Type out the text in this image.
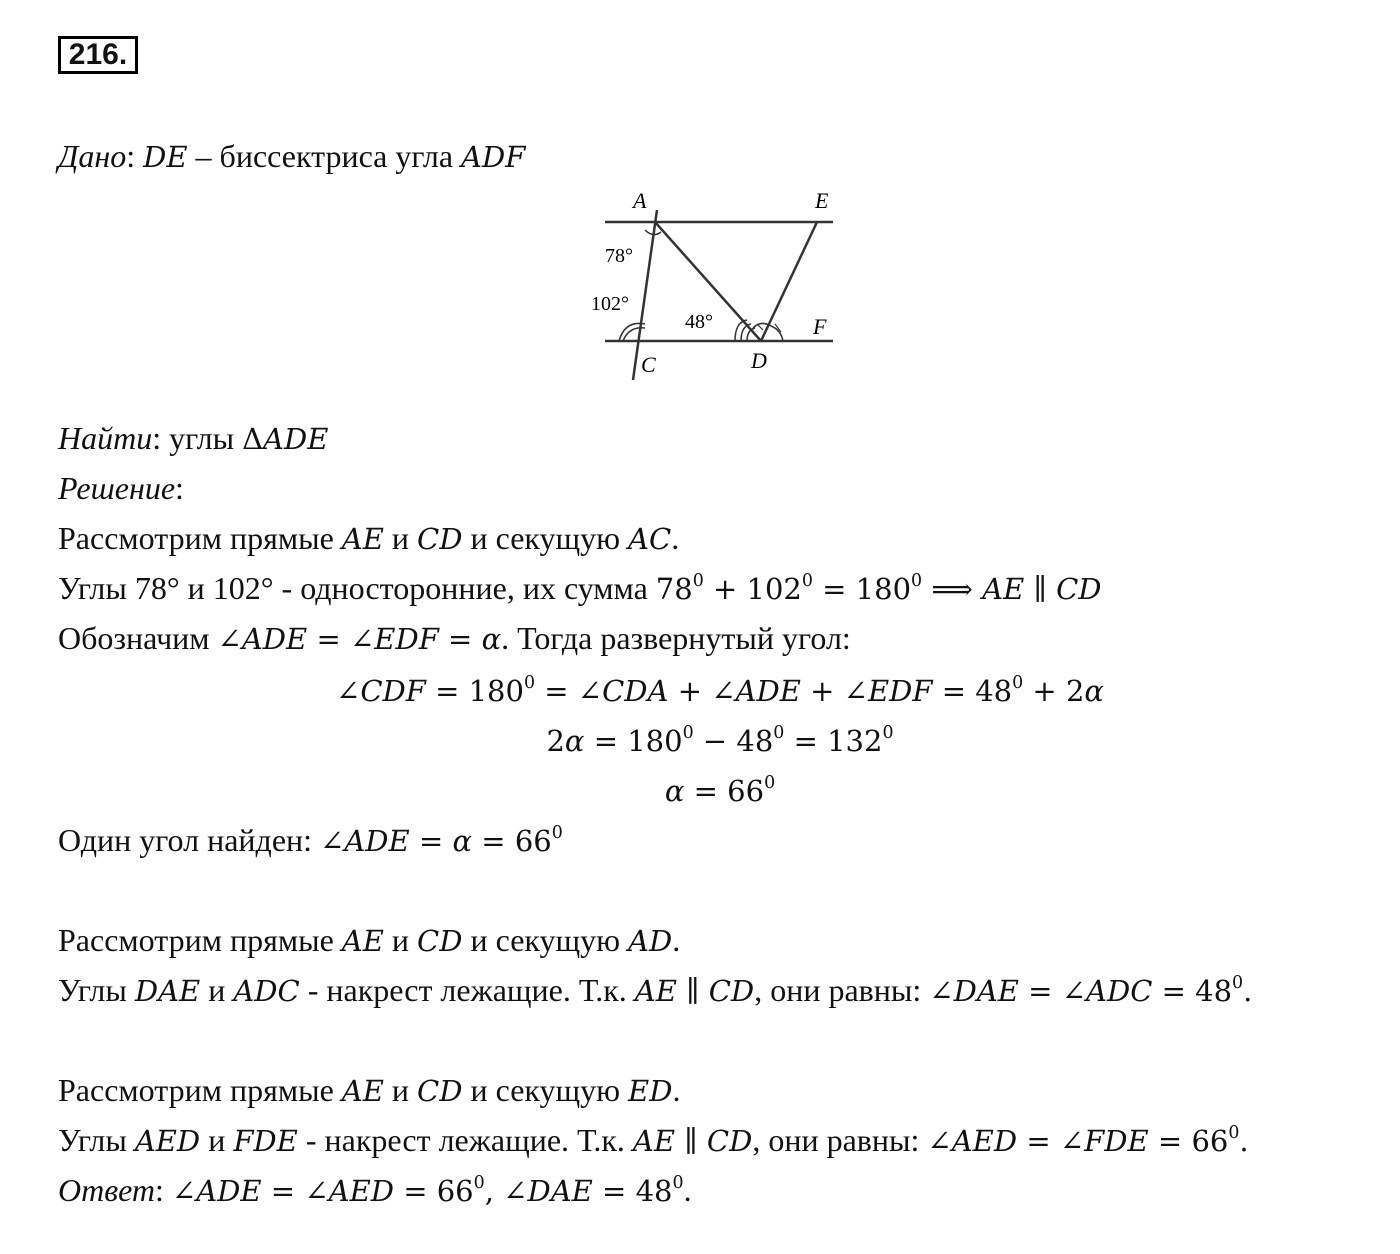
216.
Дано: DE – биссектриса угла ADF
A	E
C	D
F
78°
102°
48°
Найти: углы ΔADE
Решение:
Рассмотрим прямые AE и CD и секущую AC.
Углы 78° и 102° - односторонние, их сумма $78^0 + 102^0 = 180^0$ ⟹ AE ∥ CD
Обозначим ∠ADE = ∠EDF = α. Тогда развернутый угол:
∠CDF = $180^0$ = ∠CDA + ∠ADE + ∠EDF = $48^0 + 2\alpha$
$2\alpha = 180^0 - 48^0 = 132^0$
$\alpha = 66^0$
Один угол найден: ∠ADE = $\alpha = 66^0$
Рассмотрим прямые AE и CD и секущую AD.
Углы DAE и ADC - накрест лежащие. Т.к. AE ∥ CD, они равны: ∠DAE = ∠ADC = $48^0$.
Рассмотрим прямые AE и CD и секущую ED.
Углы AED и FDE - накрест лежащие. Т.к. AE ∥ CD, они равны: ∠AED = ∠FDE = $66^0$.
Ответ: ∠ADE = ∠AED = $66^0$, ∠DAE = $48^0$.
